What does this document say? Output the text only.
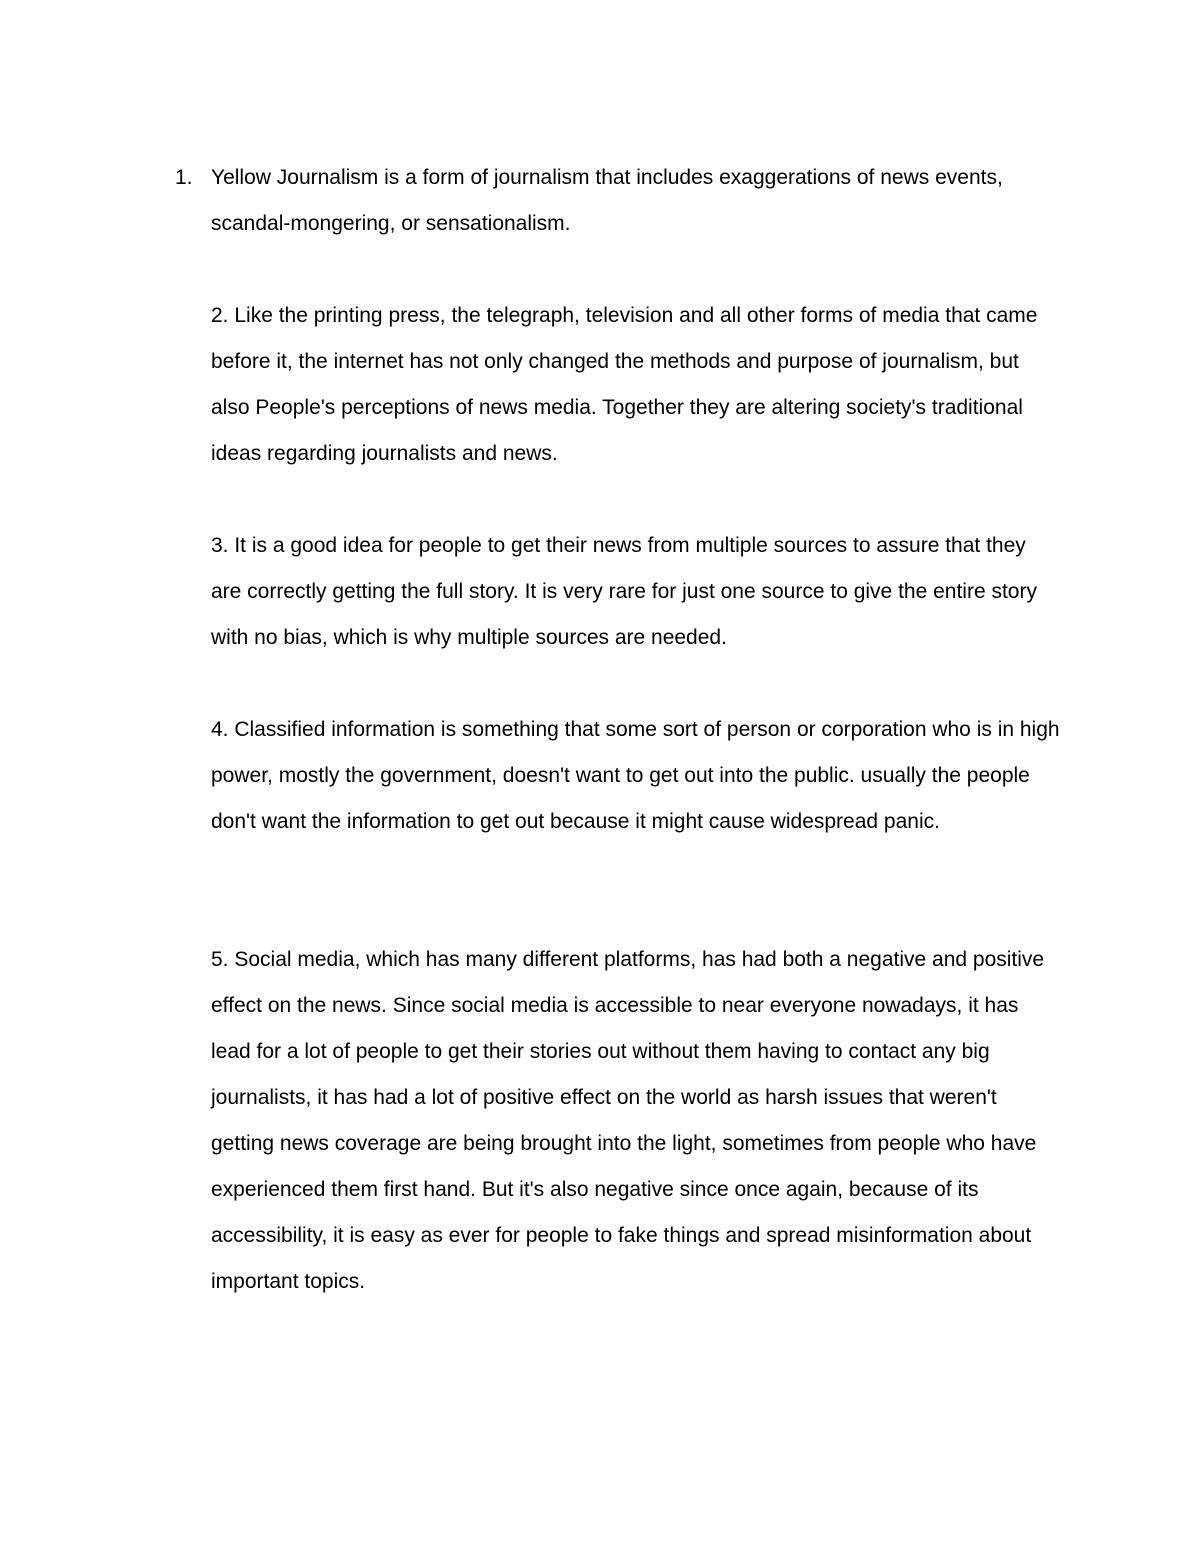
1. Yellow Journalism is a form of journalism that includes exaggerations of news events, scandal-mongering, or sensationalism.

2. Like the printing press, the telegraph, television and all other forms of media that came before it, the internet has not only changed the methods and purpose of journalism, but also People's perceptions of news media. Together they are altering society's traditional ideas regarding journalists and news.

3. It is a good idea for people to get their news from multiple sources to assure that they are correctly getting the full story. It is very rare for just one source to give the entire story with no bias, which is why multiple sources are needed.

4. Classified information is something that some sort of person or corporation who is in high power, mostly the government, doesn't want to get out into the public. usually the people don't want the information to get out because it might cause widespread panic.

5. Social media, which has many different platforms, has had both a negative and positive effect on the news. Since social media is accessible to near everyone nowadays, it has lead for a lot of people to get their stories out without them having to contact any big journalists, it has had a lot of positive effect on the world as harsh issues that weren't getting news coverage are being brought into the light, sometimes from people who have experienced them first hand. But it's also negative since once again, because of its accessibility, it is easy as ever for people to fake things and spread misinformation about important topics.
